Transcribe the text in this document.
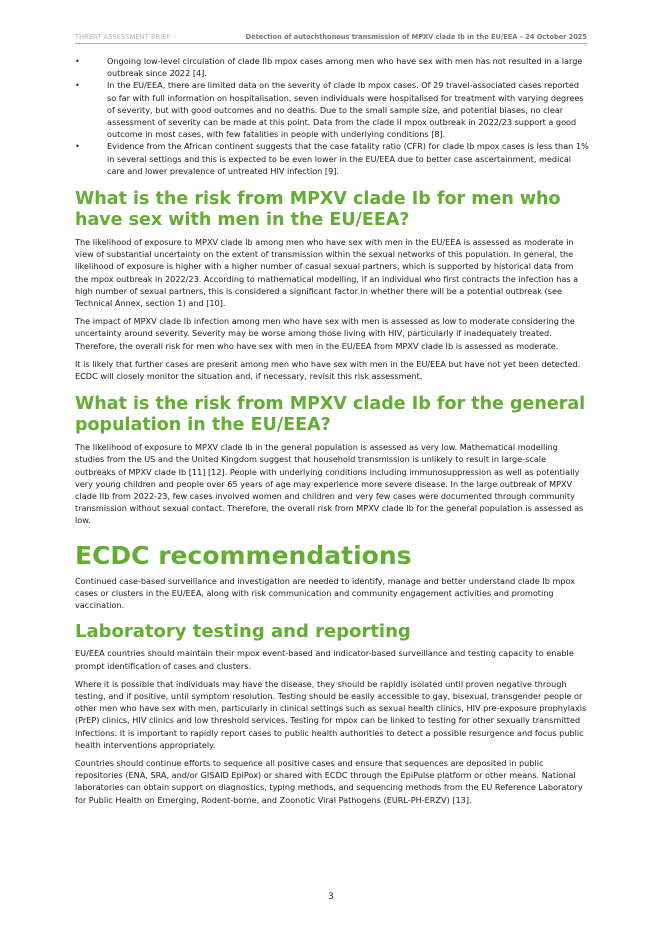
THREAT ASSESSMENT BRIEF	Detection of autochthonous transmission of MPXV clade Ib in the EU/EEA – 24 October 2025
•	Ongoing low-level circulation of clade IIb mpox cases among men who have sex with men has not resulted in a large outbreak since 2022 [4].
•	In the EU/EEA, there are limited data on the severity of clade Ib mpox cases. Of 29 travel-associated cases reported so far with full information on hospitalisation, seven individuals were hospitalised for treatment with varying degrees of severity, but with good outcomes and no deaths. Due to the small sample size, and potential biases, no clear assessment of severity can be made at this point. Data from the clade II mpox outbreak in 2022/23 support a good outcome in most cases, with few fatalities in people with underlying conditions [8].
•	Evidence from the African continent suggests that the case fatality ratio (CFR) for clade Ib mpox cases is less than 1% in several settings and this is expected to be even lower in the EU/EEA due to better case ascertainment, medical care and lower prevalence of untreated HIV infection [9].
What is the risk from MPXV clade Ib for men who have sex with men in the EU/EEA?

The likelihood of exposure to MPXV clade Ib among men who have sex with men in the EU/EEA is assessed as moderate in view of substantial uncertainty on the extent of transmission within the sexual networks of this population. In general, the likelihood of exposure is higher with a higher number of casual sexual partners, which is supported by historical data from the mpox outbreak in 2022/23. According to mathematical modelling, if an individual who first contracts the infection has a high number of sexual partners, this is considered a significant factor in whether there will be a potential outbreak (see Technical Annex, section 1) and [10].

The impact of MPXV clade Ib infection among men who have sex with men is assessed as low to moderate considering the uncertainty around severity. Severity may be worse among those living with HIV, particularly if inadequately treated. Therefore, the overall risk for men who have sex with men in the EU/EEA from MPXV clade Ib is assessed as moderate.

It is likely that further cases are present among men who have sex with men in the EU/EEA but have not yet been detected. ECDC will closely monitor the situation and, if necessary, revisit this risk assessment.

What is the risk from MPXV clade Ib for the general population in the EU/EEA?

The likelihood of exposure to MPXV clade Ib in the general population is assessed as very low. Mathematical modelling studies from the US and the United Kingdom suggest that household transmission is unlikely to result in large-scale outbreaks of MPXV clade Ib [11] [12]. People with underlying conditions including immunosuppression as well as potentially very young children and people over 65 years of age may experience more severe disease. In the large outbreak of MPXV clade IIb from 2022-23, few cases involved women and children and very few cases were documented through community transmission without sexual contact. Therefore, the overall risk from MPXV clade Ib for the general population is assessed as low.

ECDC recommendations

Continued case-based surveillance and investigation are needed to identify, manage and better understand clade Ib mpox cases or clusters in the EU/EEA, along with risk communication and community engagement activities and promoting vaccination.

Laboratory testing and reporting

EU/EEA countries should maintain their mpox event-based and indicator-based surveillance and testing capacity to enable prompt identification of cases and clusters.

Where it is possible that individuals may have the disease, they should be rapidly isolated until proven negative through testing, and if positive, until symptom resolution. Testing should be easily accessible to gay, bisexual, transgender people or other men who have sex with men, particularly in clinical settings such as sexual health clinics, HIV pre-exposure prophylaxis (PrEP) clinics, HIV clinics and low threshold services. Testing for mpox can be linked to testing for other sexually transmitted infections. It is important to rapidly report cases to public health authorities to detect a possible resurgence and focus public health interventions appropriately.

Countries should continue efforts to sequence all positive cases and ensure that sequences are deposited in public repositories (ENA, SRA, and/or GISAID EpiPox) or shared with ECDC through the EpiPulse platform or other means. National laboratories can obtain support on diagnostics, typing methods, and sequencing methods from the EU Reference Laboratory for Public Health on Emerging, Rodent-borne, and Zoonotic Viral Pathogens (EURL-PH-ERZV) [13].

3
